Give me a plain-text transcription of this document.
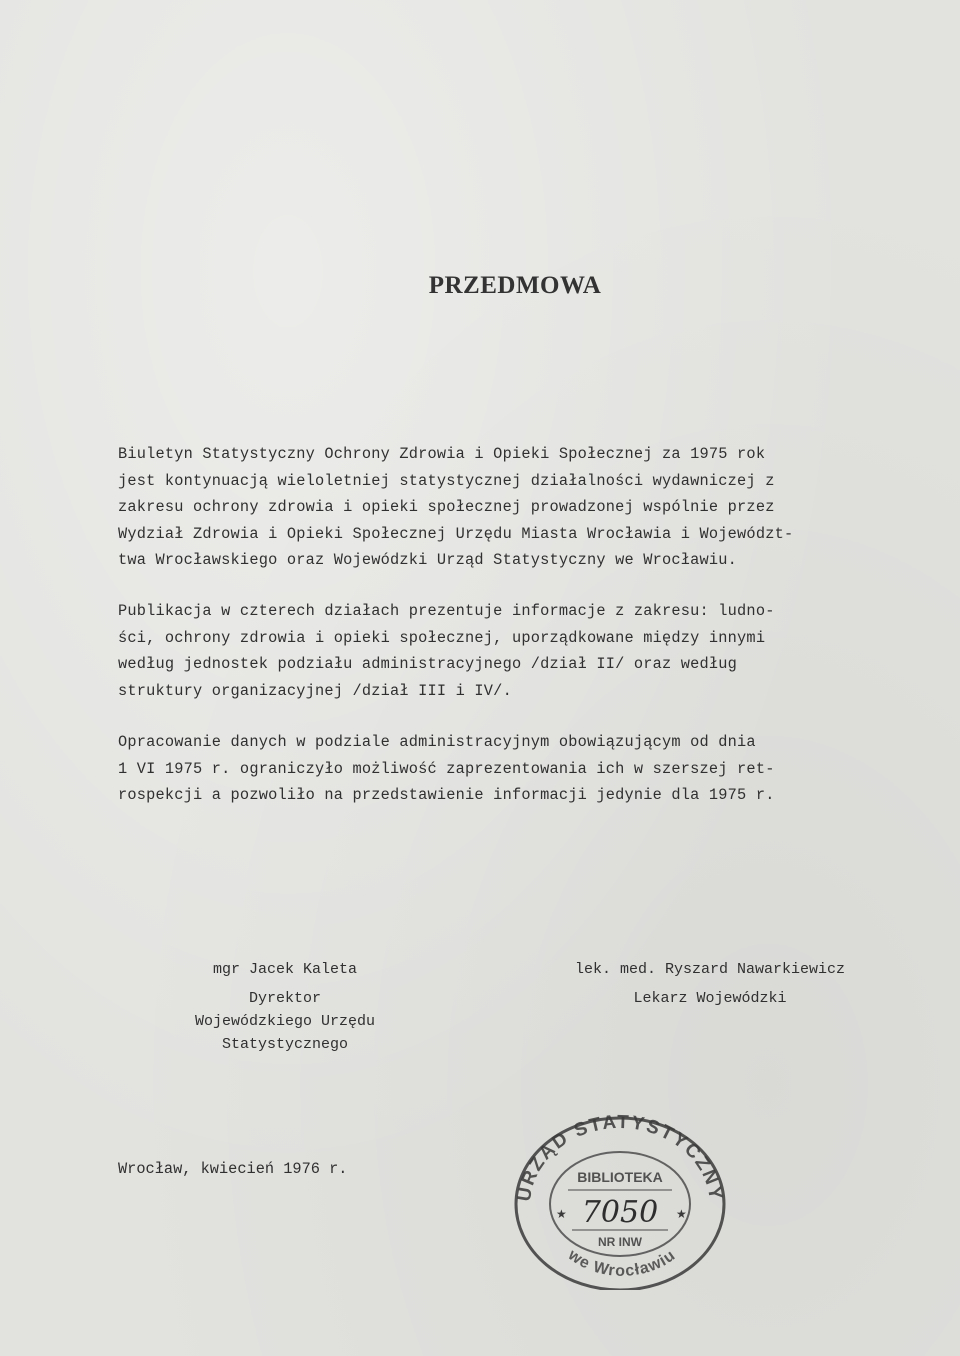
PRZEDMOWA
Biuletyn Statystyczny Ochrony Zdrowia i Opieki Społecznej za 1975 rok
jest kontynuacją wieloletniej statystycznej działalności wydawniczej z
zakresu ochrony zdrowia i opieki społecznej prowadzonej wspólnie przez
Wydział Zdrowia i Opieki Społecznej Urzędu Miasta Wrocławia i Województ-
twa Wrocławskiego oraz Wojewódzki Urząd Statystyczny we Wrocławiu.
Publikacja w czterech działach prezentuje informacje z zakresu: ludno-
ści, ochrony zdrowia i opieki społecznej, uporządkowane między innymi
według jednostek podziału administracyjnego /dział II/ oraz według
struktury organizacyjnej /dział III i IV/.
Opracowanie danych w podziale administracyjnym obowiązującym od dnia
1 VI 1975 r. ograniczyło możliwość zaprezentowania ich w szerszej ret-
rospekcji a pozwoliło na przedstawienie informacji jedynie dla 1975 r.
mgr Jacek Kaleta
Dyrektor
Wojewódzkiego Urzędu
Statystycznego
lek. med. Ryszard Nawarkiewicz
Lekarz Wojewódzki
Wrocław, kwiecień 1976 r.
URZĄD STATYSTYCZNY
we Wrocławiu
BIBLIOTEKA
7050
★	★
NR INW
